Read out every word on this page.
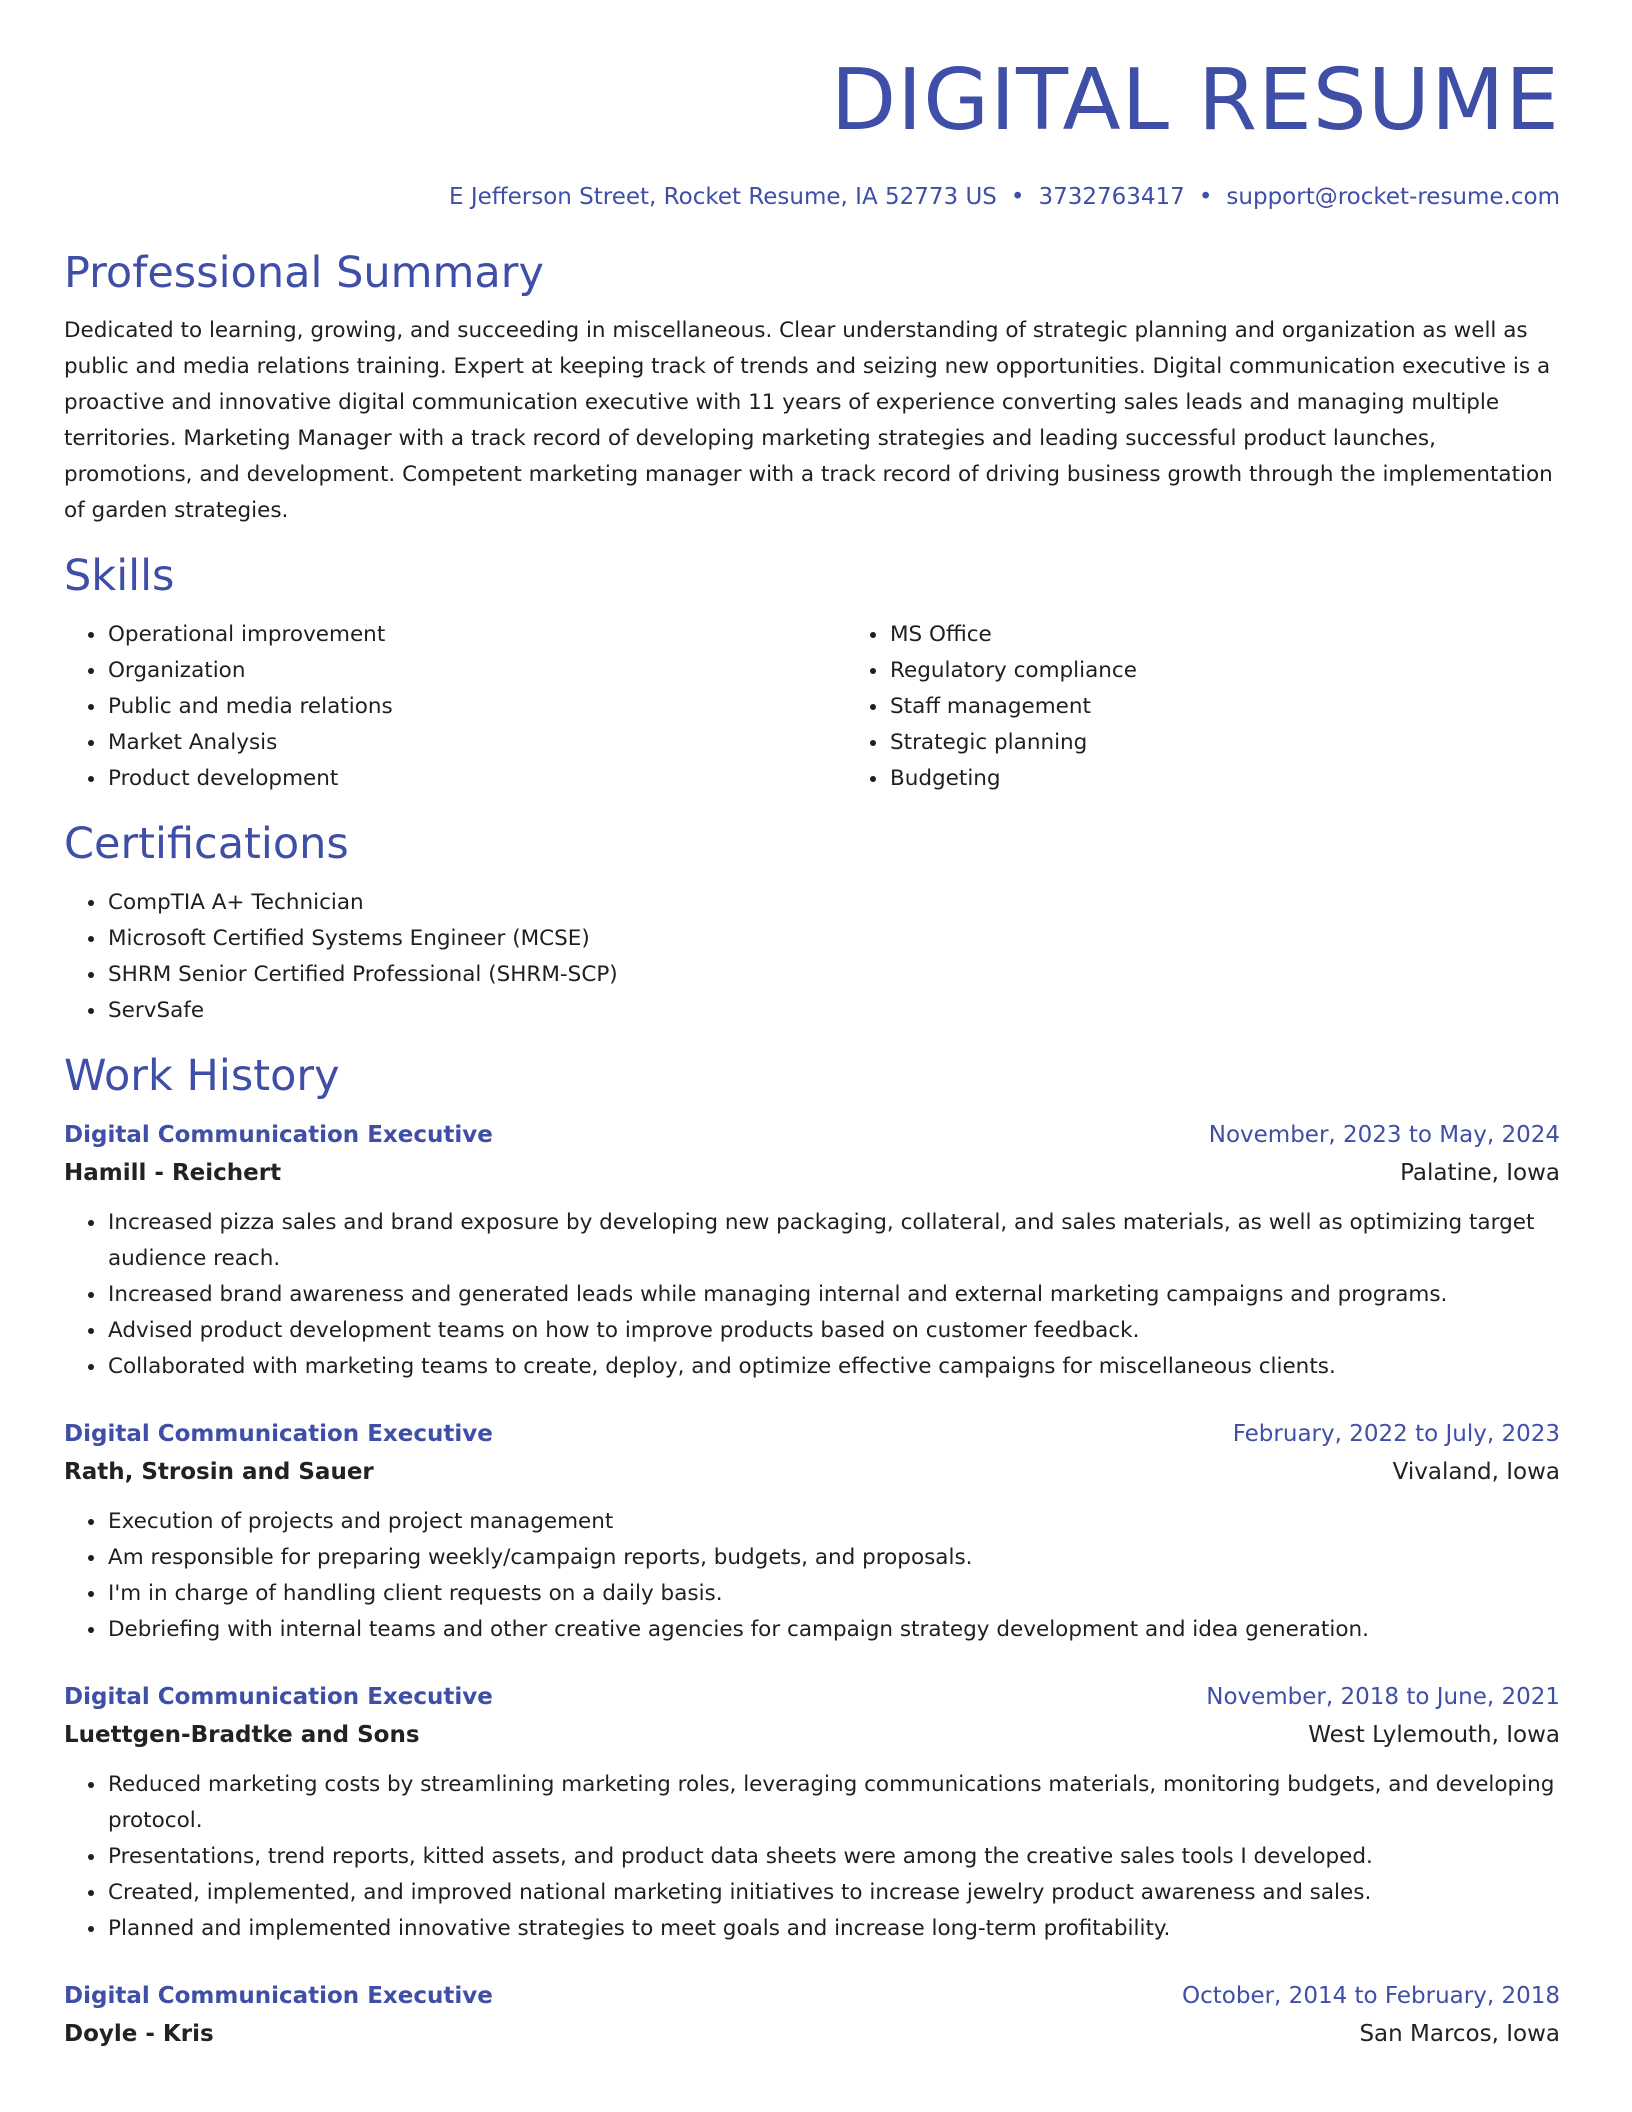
DIGITAL RESUME
E Jefferson Street, Rocket Resume, IA 52773 US • 3732763417 • support@rocket-resume.com
Professional Summary

Dedicated to learning, growing, and succeeding in miscellaneous. Clear understanding of strategic planning and organization as well as public and media relations training. Expert at keeping track of trends and seizing new opportunities. Digital communication executive is a proactive and innovative digital communication executive with 11 years of experience converting sales leads and managing multiple territories. Marketing Manager with a track record of developing marketing strategies and leading successful product launches, promotions, and development. Competent marketing manager with a track record of driving business growth through the implementation of garden strategies.

Skills
• Operational improvement
• Organization
• Public and media relations
• Market Analysis
• Product development
• MS Office
• Regulatory compliance
• Staff management
• Strategic planning
• Budgeting
Certifications
• CompTIA A+ Technician
• Microsoft Certified Systems Engineer (MCSE)
• SHRM Senior Certified Professional (SHRM-SCP)
• ServSafe
Work History
Digital Communication Executive	November, 2023 to May, 2024
Hamill - Reichert	Palatine, Iowa
• Increased pizza sales and brand exposure by developing new packaging, collateral, and sales materials, as well as optimizing target audience reach.
• Increased brand awareness and generated leads while managing internal and external marketing campaigns and programs.
• Advised product development teams on how to improve products based on customer feedback.
• Collaborated with marketing teams to create, deploy, and optimize effective campaigns for miscellaneous clients.
Digital Communication Executive	February, 2022 to July, 2023
Rath, Strosin and Sauer	Vivaland, Iowa
• Execution of projects and project management
• Am responsible for preparing weekly/campaign reports, budgets, and proposals.
• I'm in charge of handling client requests on a daily basis.
• Debriefing with internal teams and other creative agencies for campaign strategy development and idea generation.
Digital Communication Executive	November, 2018 to June, 2021
Luettgen-Bradtke and Sons	West Lylemouth, Iowa
• Reduced marketing costs by streamlining marketing roles, leveraging communications materials, monitoring budgets, and developing protocol.
• Presentations, trend reports, kitted assets, and product data sheets were among the creative sales tools I developed.
• Created, implemented, and improved national marketing initiatives to increase jewelry product awareness and sales.
• Planned and implemented innovative strategies to meet goals and increase long-term profitability.
Digital Communication Executive	October, 2014 to February, 2018
Doyle - Kris	San Marcos, Iowa
